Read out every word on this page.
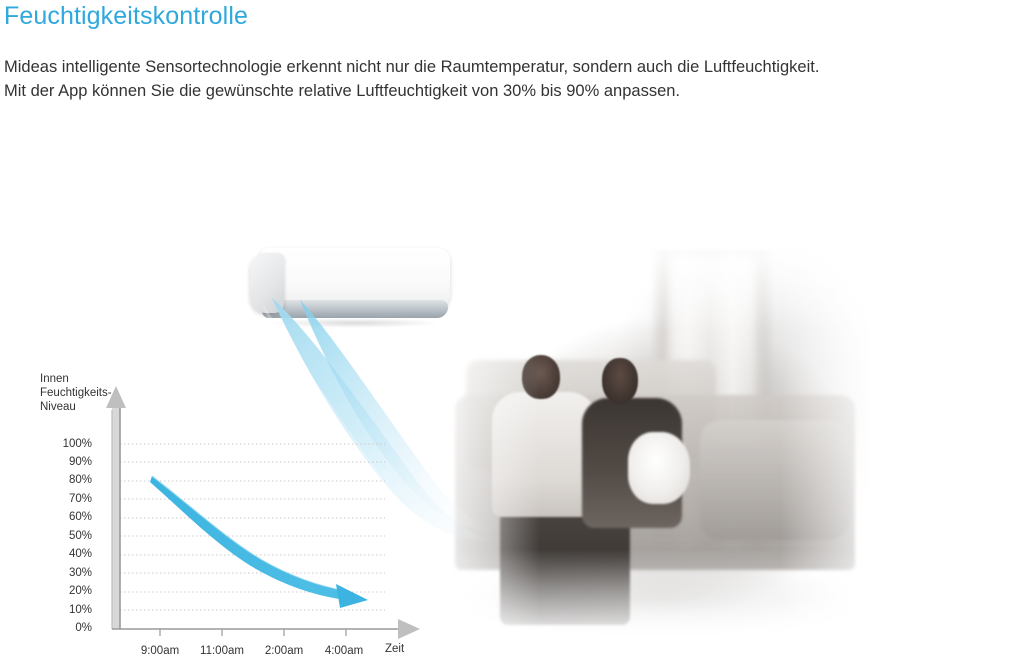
Feuchtigkeitskontrolle
Mideas intelligente Sensortechnologie erkennt nicht nur die Raumtemperatur, sondern auch die Luftfeuchtigkeit.
Mit der App können Sie die gewünschte relative Luftfeuchtigkeit von 30% bis 90% anpassen.
Innen
Feuchtigkeits-
Niveau
Zeit
100%
90%
80%
70%
60%
50%
40%
30%
20%
10%
0%
9:00am	11:00am	2:00am	4:00am
